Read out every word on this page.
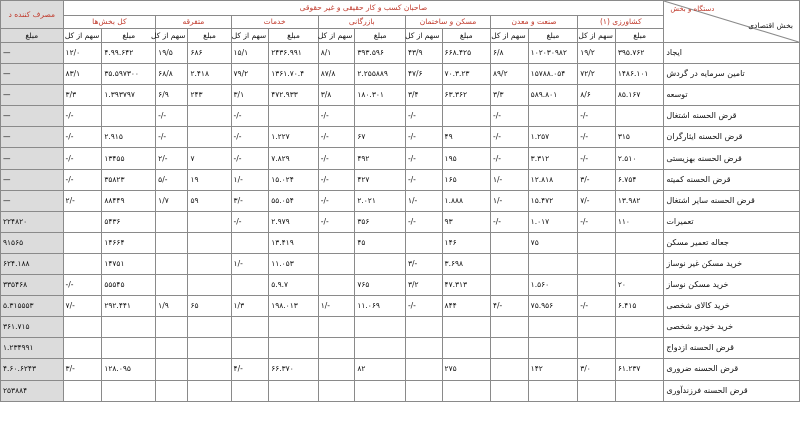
دستگاه و بخش
بخش اقتصادی	صاحبان کسب و کار حقیقی و غیر حقوقی														مصرف کننده د
	کشاورزی (۱)		صنعت و معدن		مسکن و ساختمان		بازرگانی		خدمات		متفرقه		کل بخش‌ها		
	مبلغ	سهم از کل	مبلغ	سهم از کل	مبلغ	سهم از کل	مبلغ	سهم از کل	مبلغ	سهم از کل	مبلغ	سهم از کل	مبلغ	سهم از کل	مبلغ
ایجاد	۳۹۵.۷۶۲	۱۹/۲	۱۰۲۰۳۰۹۸۲	۶/۸	۶۶۸.۴۲۵	۴۳/۹	۳۹۳.۵۹۶	۸/۱	۲۴۳۶.۹۹۱	۱۵/۱	۶۸۶	۱۹/۵	۴.۹۹.۶۴۲	۱۲/۰	—
تامین سرمایه در گردش	۱۴۸۶.۱۰۱	۷۲/۲	۱۵۷۸۸.۰۵۴	۸۹/۲	۷۰.۳.۲۳	۴۷/۶	۲.۲۵۵۸۸۹	۸۷/۸	۱۳۶۱.۷۰.۴	۷۹/۲	۲.۴۱۸	۶۸/۸	۳۵.۵۹۷۳۰۰	۸۳/۱	—
توسعه	۸۵.۱۶۷	۸/۶	۵۸۹.۸۰۱	۳/۳	۶۳.۳۶۲	۳/۴	۱۸۰.۳۰۱	۳/۸	۴۷۲.۹۳۳	۳/۱	۲۴۳	۶/۹	۱.۳۹۳۷۹۷	۳/۳	—
قرض الحسنه اشتغال		-/-		-/-		-/-		-/-		-/-		-/-		-/-	—
قرض الحسنه ایثارگران	۳۱۵	-/-	۱.۲۵۷	-/-	۴۹	-/-	۶۷	-/-	۱.۲۲۷	-/-		-/-	۲.۹۱۵	-/-	—
قرض الحسنه بهزیستی	۲.۵۱۰	-/-	۳.۳۱۲	-/-	۱۹۵	-/-	۴۹۲	-/-	۷.۸۲۹	-/-	۷	-/۲	۱۳۴۵۵	-/-	—
قرض الحسنه کمیته	۶.۷۵۴	-/۳	۱۲.۸۱۸	-/۱	۱۶۵	-/-	۴۲۷	-/-	۱۵.۰۲۴	-/۱	۱۹	-/۵	۳۵۸۲۳	-/-	—
قرض الحسنه سایر اشتغال	۱۳.۹۸۲	-/۷	۱۵.۴۷۲	-/۱	۱.۸۸۸	-/۱	۲.۰۲۱	-/-	۵۵.۰۵۴	-/۳	۵۹	۱/۷	۸۸۴۴۹	-/۲	—
تعمیرات	۱۱۰	-/-	۱.۰۱۷	-/-	۹۳	-/-	۳۵۶	-/-	۲.۹۷۹	-/-			۵۴۳۶		۲۲۴۸۲۰
جعاله تعمیر مسکن			۷۵		۱۴۶		۴۵		۱۳.۴۱۹				۱۴۶۶۴		۹۱۵۶۵
خرید مسکن غیر نوساز					۳.۶۹۸	-/۳			۱۱.۰۵۳	-/۱			۱۴۷۵۱		۶۲۴.۱۸۸
خرید مسکن نوساز	۲۰		۱.۵۶۰		۴۷.۳۱۳	۳/۲	۷۶۵		۵.۹.۷				۵۵۵۴۵	-/-	۳۳۵۴۶۸
خرید کالای شخصی	۶.۴۱۵	-/-	۷۵.۹۵۶	-/۴	۸۴۴	-/-	۱۱.۰۶۹	-/۱	۱۹۸.۰۱۳	۱/۳	۶۵	۱/۹	۲۹۲.۴۴۱	-/۷	۵.۳۱۵۵۵۳
خرید خودرو شخصی															۳۶۱.۷۱۵
قرض الحسنه ازدواج															۱.۲۳۴۹۹۱
قرض الحسنه ضروری	۶۱.۲۳۷	۳/۰	۱۴۲		۲۷۵		۸۲		۶۶.۳۷۰	-/۴			۱۲۸.۰۹۵	-/۳	۴.۶۰.۶۲۴۳
قرض الحسنه فرزندآوری															۲۵۳۸۸۴
